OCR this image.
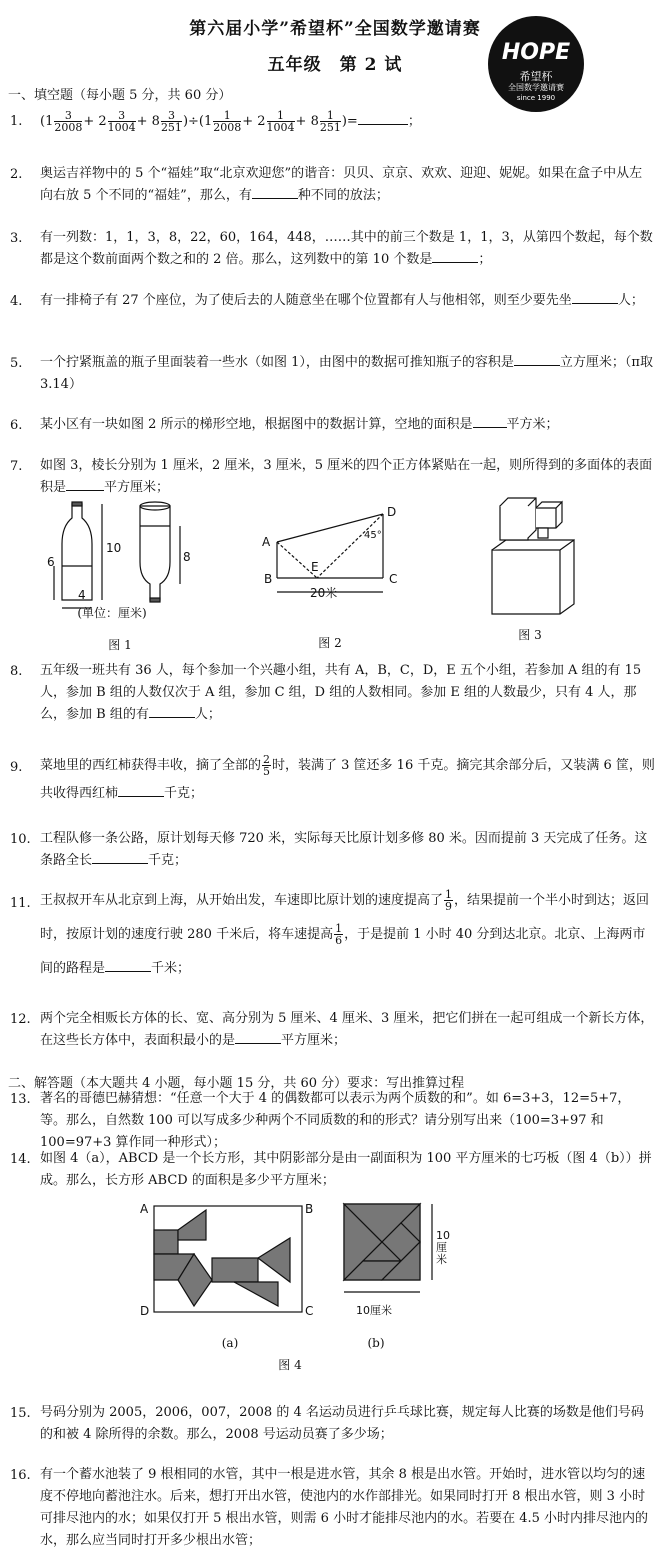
第六届小学”希望杯”全国数学邀请赛
五年级　第 2 试	HOPE
希望杯
全国数学邀请赛
since 1990
一、填空题（每小题 5 分，共 60 分）
1.	$(1 \frac{3}{2008} + 2 \frac{3}{1004} + 8 \frac{3}{251} )\div(1 \frac{1}{2008} + 2 \frac{1}{1004} + 8 \frac{1}{251}$ )=	；
2.	奥运吉祥物中的 5 个“福娃”取“北京欢迎您”的谐音：贝贝、京京、欢欢、迎迎、妮妮。如果在盒子中从左向右放 5 个不同的“福娃”，那么，有	种不同的放法；
3.	有一列数：1，1，3，8，22，60，164，448，……其中的前三个数是 1，1，3，从第四个数起，每个数都是这个数前面两个数之和的 2 倍。那么，这列数中的第 10 个数是	；
4.	有一排椅子有 27 个座位，为了使后去的人随意坐在哪个位置都有人与他相邻，则至少要先坐	人；
5.	一个拧紧瓶盖的瓶子里面装着一些水（如图 1），由图中的数据可推知瓶子的容积是	立方厘米；（π取 3.14）
6.	某小区有一块如图 2 所示的梯形空地，根据图中的数据计算，空地的面积是	平方米；
7.	如图 3，棱长分别为 1 厘米，2 厘米，3 厘米，5 厘米的四个正方体紧贴在一起，则所得到的多面体的表面积是	平方厘米；
6
10
8
4
(单位：厘米)
图 1
A
B	C
D
E
45°
20米
图 2
图 3
8.	五年级一班共有 36 人，每个参加一个兴趣小组，共有 A，B，C，D，E 五个小组，若参加 A 组的有 15 人，参加 B 组的人数仅次于 A 组，参加 C 组，D 组的人数相同。参加 E 组的人数最少，只有 4 人，那么，参加 B 组的有	人；
9.	菜地里的西红柿获得丰收，摘了全部的 $\frac{2}{5}$ 时，装满了 3 筐还多 16 千克。摘完其余部分后，又装满 6 筐，则共收得西红柿	千克；
10. 工程队修一条公路，原计划每天修 720 米，实际每天比原计划多修 80 米。因而提前 3 天完成了任务。这条路全长	千克；
11. 王叔叔开车从北京到上海，从开始出发，车速即比原计划的速度提高了 $\frac{1}{9}$ ，结果提前一个半小时到达；返回时，按原计划的速度行驶 280 千米后，将车速提高 $\frac{1}{6}$ ，于是提前 1 小时 40 分到达北京。北京、上海两市间的路程是	千米；
12. 两个完全相贩长方体的长、宽、高分别为 5 厘米、4 厘米、3 厘米，把它们拼在一起可组成一个新长方体，在这些长方体中，表面积最小的是	平方厘米；
二、解答题（本大题共 4 小题，每小题 15 分，共 60 分）要求：写出推算过程
13. 著名的哥德巴赫猜想：“任意一个大于 4 的偶数都可以表示为两个质数的和”。如 6=3+3，12=5+7，等。那么，自然数 100 可以写成多少种两个不同质数的和的形式？请分别写出来（100=3+97 和 100=97+3 算作同一种形式）；
14. 如图 4（a），ABCD 是一个长方形，其中阴影部分是由一副面积为 100 平方厘米的七巧板（图 4（b））拼成。那么，长方形 ABCD 的面积是多少平方厘米；
A	B
C
D
(a)
10厘米
10厘米
(b)
图 4
15. 号码分别为 2005，2006，007，2008 的 4 名运动员进行乒乓球比赛，规定每人比赛的场数是他们号码的和被 4 除所得的余数。那么，2008 号运动员赛了多少场；
16. 有一个蓄水池装了 9 根相同的水管，其中一根是进水管，其余 8 根是出水管。开始时，进水管以均匀的速度不停地向蓄池注水。后来，想打开出水管，使池内的水作部排光。如果同时打开 8 根出水管，则 3 小时可排尽池内的水；如果仅打开 5 根出水管，则需 6 小时才能排尽池内的水。若要在 4.5 小时内排尽池内的水，那么应当同时打开多少根出水管；
